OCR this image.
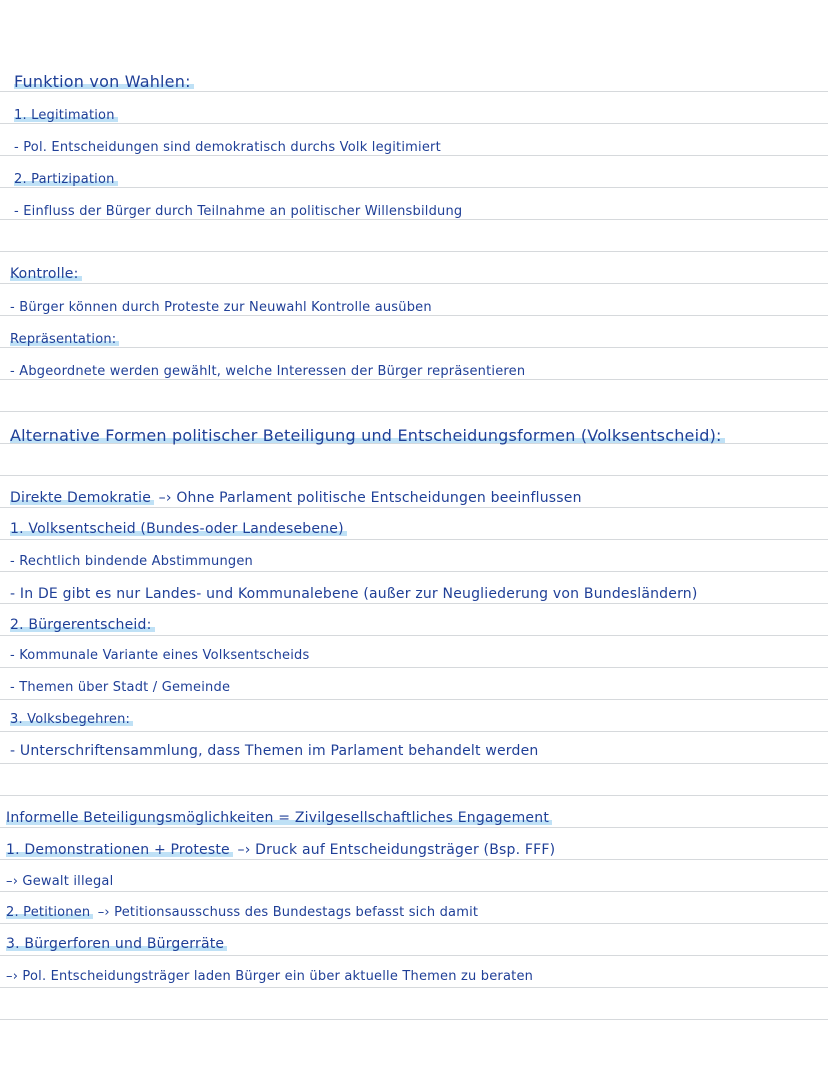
Funktion von Wahlen:
1. Legitimation
- Pol. Entscheidungen sind demokratisch durchs Volk legitimiert
2. Partizipation
- Einfluss der Bürger durch Teilnahme an politischer Willensbildung
Kontrolle:
- Bürger können durch Proteste zur Neuwahl Kontrolle ausüben
Repräsentation:
- Abgeordnete werden gewählt, welche Interessen der Bürger repräsentieren
Alternative Formen politischer Beteiligung und Entscheidungsformen (Volksentscheid):
Direkte Demokratie –› Ohne Parlament politische Entscheidungen beeinflussen
1. Volksentscheid (Bundes-oder Landesebene)
- Rechtlich bindende Abstimmungen
- In DE gibt es nur Landes- und Kommunalebene (außer zur Neugliederung von Bundesländern)
2. Bürgerentscheid:
- Kommunale Variante eines Volksentscheids
- Themen über Stadt / Gemeinde
3. Volksbegehren:
- Unterschriftensammlung, dass Themen im Parlament behandelt werden
Informelle Beteiligungsmöglichkeiten = Zivilgesellschaftliches Engagement
1. Demonstrationen + Proteste –› Druck auf Entscheidungsträger (Bsp. FFF)
–› Gewalt illegal
2. Petitionen –› Petitionsausschuss des Bundestags befasst sich damit
3. Bürgerforen und Bürgerräte
–› Pol. Entscheidungsträger laden Bürger ein über aktuelle Themen zu beraten
